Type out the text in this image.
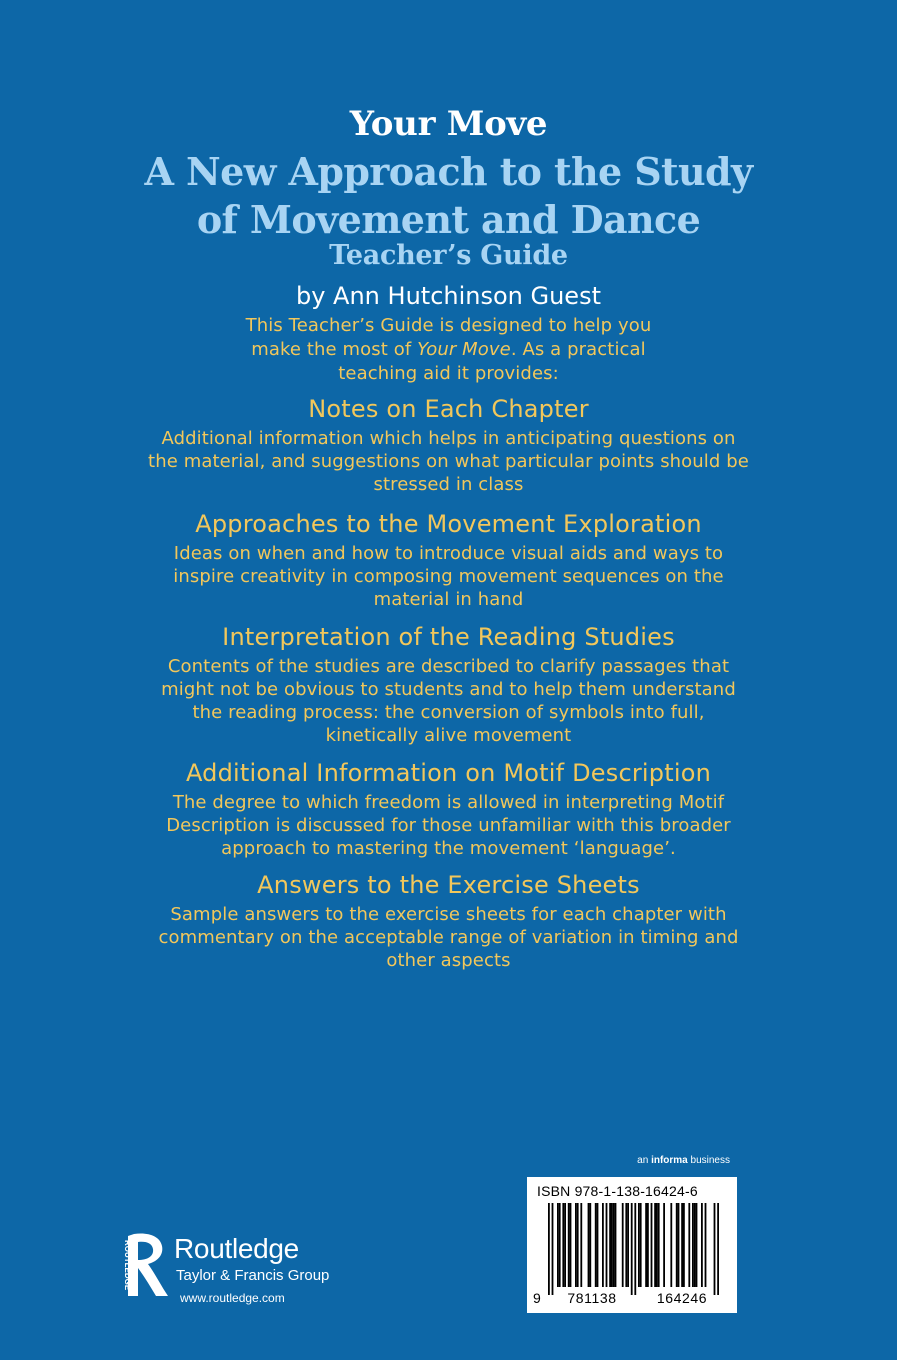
Your Move
A New Approach to the Study
of Movement and Dance
Teacher’s Guide
by Ann Hutchinson Guest
This Teacher’s Guide is designed to help you
make the most of Your Move. As a practical
teaching aid it provides:
Notes on Each Chapter
Additional information which helps in anticipating questions on
the material, and suggestions on what particular points should be
stressed in class
Approaches to the Movement Exploration
Ideas on when and how to introduce visual aids and ways to
inspire creativity in composing movement sequences on the
material in hand
Interpretation of the Reading Studies
Contents of the studies are described to clarify passages that
might not be obvious to students and to help them understand
the reading process: the conversion of symbols into full,
kinetically alive movement
Additional Information on Motif Description
The degree to which freedom is allowed in interpreting Motif
Description is discussed for those unfamiliar with this broader
approach to mastering the movement ‘language’.
Answers to the Exercise Sheets
Sample answers to the exercise sheets for each chapter with
commentary on the acceptable range of variation in timing and
other aspects
an informa business
ISBN 978-1-138-16424-6
9	781138	164246
ROUTLEDGE Routledge
Taylor & Francis Group
www.routledge.com
